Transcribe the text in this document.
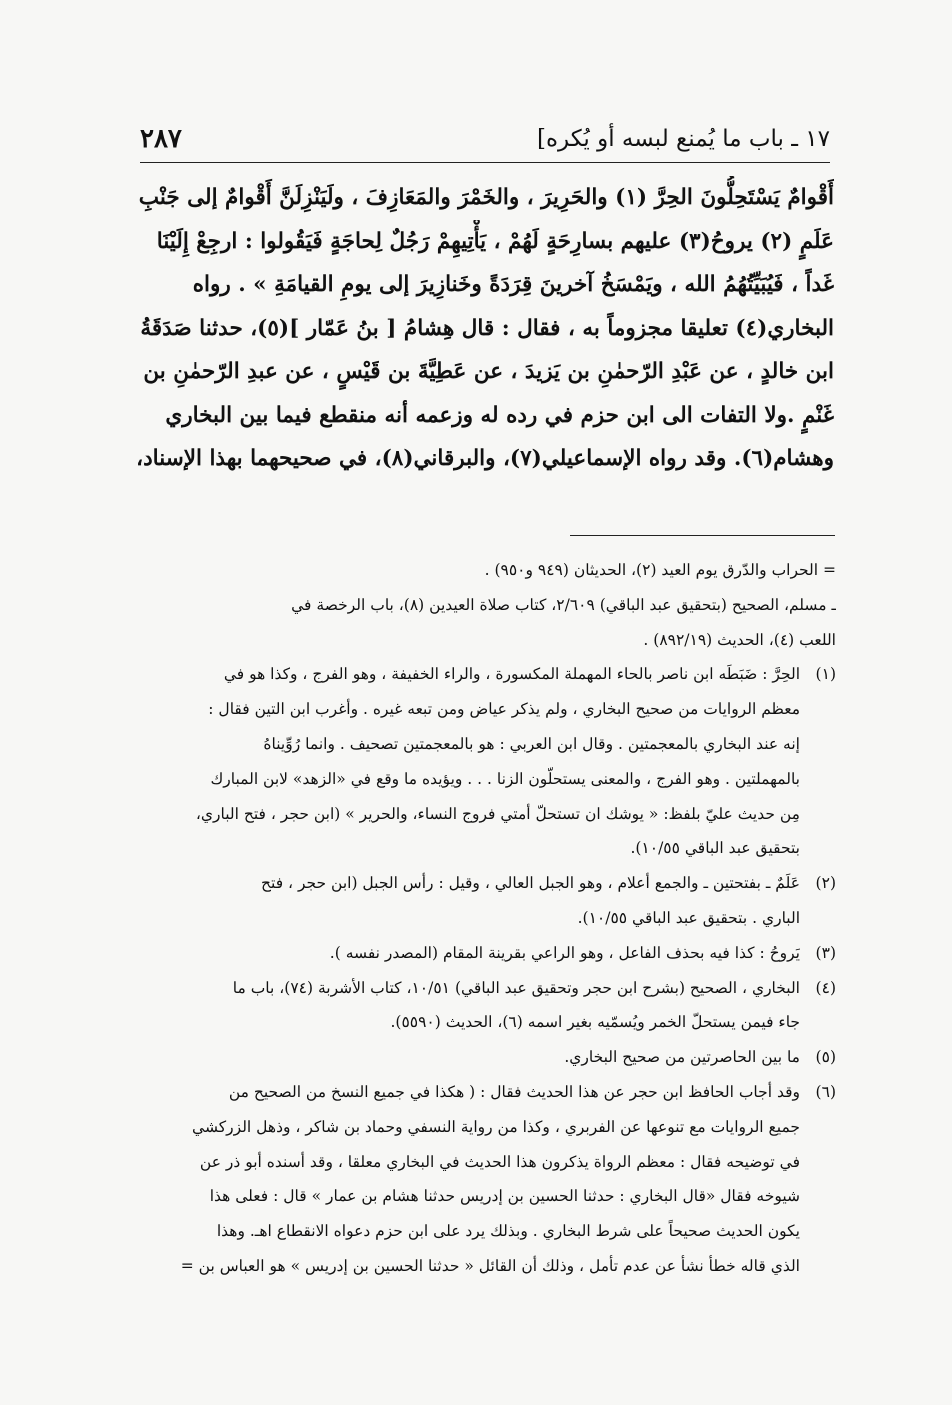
١٧ ـ باب ما يُمنع لبسه أو يُكره]
٢٨٧
أَقْوامٌ يَسْتَحِلُّونَ الحِرَّ (١) والحَرِيرَ ، والخَمْرَ والمَعَازِفَ ، ولَيَنْزِلَنَّ أَقْوامٌ إلى جَنْبِ
عَلَمٍ (٢) يروحُ(٣) عليهم بسارِحَةٍ لَهُمْ ، يَأْتِيهِمْ رَجُلٌ لِحاجَةٍ فَيَقُولوا : ارجِعْ إِلَيْنَا
غَداً ، فَيُبَيِّتُهُمُ الله ، ويَمْسَخُ آخرينَ قِرَدَةً وخَنازِيرَ إلى يومِ القيامَةِ » . رواه
البخاري(٤) تعليقا مجزوماً به ، فقال : قال هِشامُ [ بنُ عَمّار ](٥)، حدثنا صَدَقَةُ
ابن خالدٍ ، عن عَبْدِ الرّحمٰنِ بن يَزيدَ ، عن عَطِيَّةَ بن قَيْسٍ ، عن عبدِ الرّحمٰنِ بن
غَنْمٍ .ولا التفات الى ابن حزم في رده له وزعمه أنه منقطع فيما بين البخاري
وهشام(٦). وقد رواه الإسماعيلي(٧)، والبرقاني(٨)، في صحيحهما بهذا الإسناد،
= الحراب والدّرق يوم العيد (٢)، الحديثان (٩٤٩ و٩٥٠) .
ـ مسلم، الصحيح (بتحقيق عبد الباقي) ٢/٦٠٩، كتاب صلاة العيدين (٨)، باب الرخصة في
اللعب (٤)، الحديث (٨٩٢/١٩) .
(١)
الحِرَّ : ضَبَطَه ابن ناصر بالحاء المهملة المكسورة ، والراء الخفيفة ، وهو الفرج ، وكذا هو في
معظم الروايات من صحيح البخاري ، ولم يذكر عياض ومن تبعه غيره . وأغرب ابن التين فقال :
إنه عند البخاري بالمعجمتين . وقال ابن العربي : هو بالمعجمتين تصحيف . وانما رُوِّيناهُ
بالمهملتين . وهو الفرج ، والمعنى يستحلّون الزنا . . . ويؤيده ما وقع في «الزهد» لابن المبارك
مِن حديث عليّ بلفظ: « يوشك ان تستحلّ أمتي فروج النساء، والحرير » (ابن حجر ، فتح الباري،
بتحقيق عبد الباقي ١٠/٥٥).
(٢)
عَلَمٌ ـ بفتحتين ـ والجمع أعلام ، وهو الجبل العالي ، وقيل : رأس الجبل (ابن حجر ، فتح
الباري . بتحقيق عبد الباقي ١٠/٥٥).
(٣)
يَروحُ : كذا فيه بحذف الفاعل ، وهو الراعي بقرينة المقام (المصدر نفسه ).
(٤)
البخاري ، الصحيح (بشرح ابن حجر وتحقيق عبد الباقي) ١٠/٥١، كتاب الأشربة (٧٤)، باب ما
جاء فيمن يستحلّ الخمر ويُسمّيه بغير اسمه (٦)، الحديث (٥٥٩٠).
(٥)
ما بين الحاصرتين من صحيح البخاري.
(٦)
وقد أجاب الحافظ ابن حجر عن هذا الحديث فقال : ( هكذا في جميع النسخ من الصحيح من
جميع الروايات مع تنوعها عن الفربري ، وكذا من رواية النسفي وحماد بن شاكر ، وذهل الزركشي
في توضيحه فقال : معظم الرواة يذكرون هذا الحديث في البخاري معلقا ، وقد أسنده أبو ذر عن
شيوخه فقال «قال البخاري : حدثنا الحسين بن إدريس حدثنا هشام بن عمار » قال : فعلى هذا
يكون الحديث صحيحاً على شرط البخاري . وبذلك يرد على ابن حزم دعواه الانقطاع اهـ. وهذا
الذي قاله خطأ نشأ عن عدم تأمل ، وذلك أن القائل « حدثنا الحسين بن إدريس » هو العباس بن =
